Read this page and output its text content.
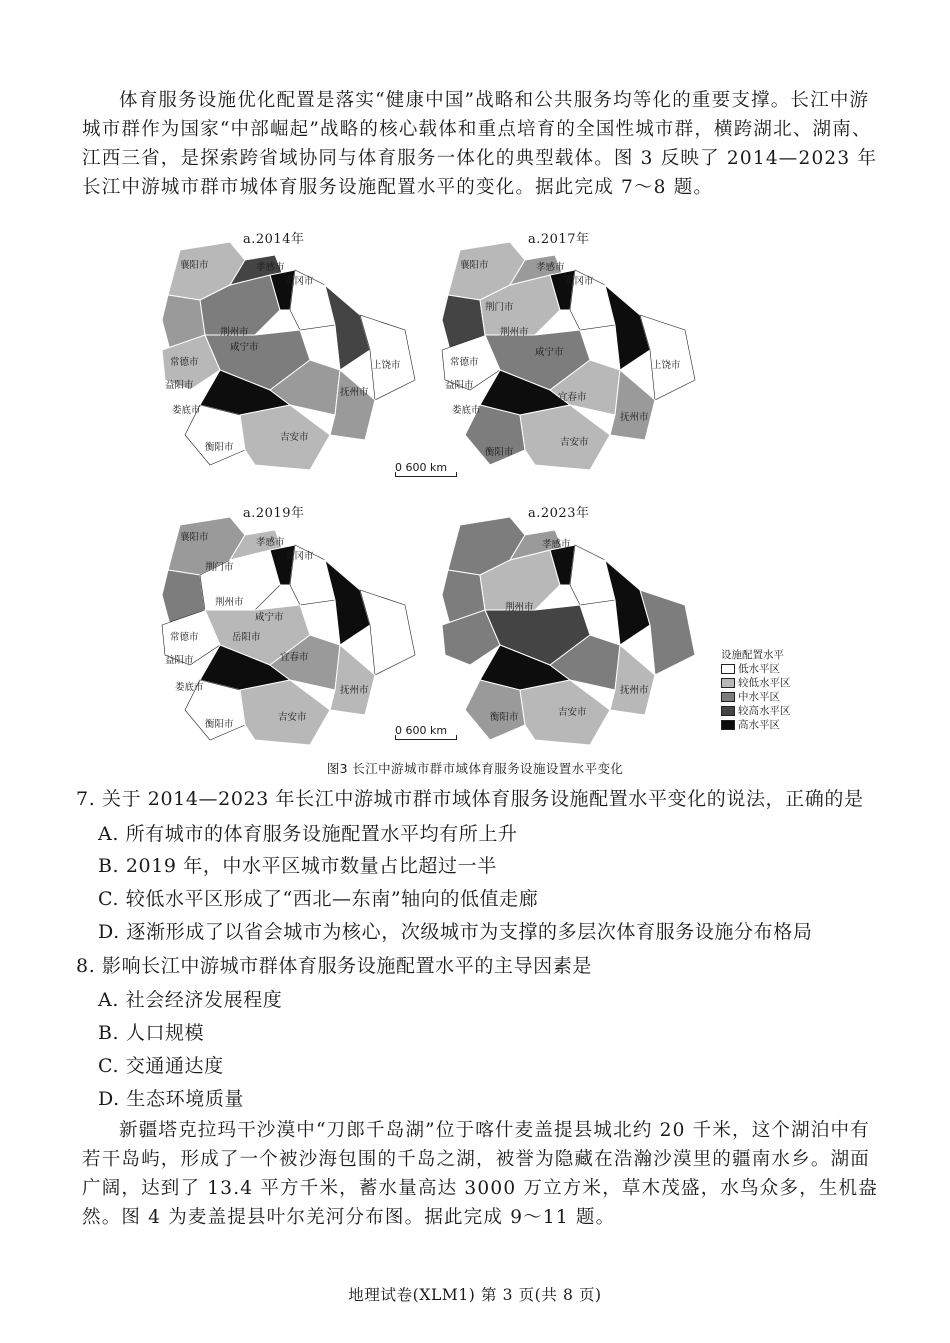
体育服务设施优化配置是落实“健康中国”战略和公共服务均等化的重要支撑。长江中游城市群作为国家“中部崛起”战略的核心载体和重点培育的全国性城市群，横跨湖北、湖南、江西三省，是探索跨省域协同与体育服务一体化的典型载体。图 3 反映了 2014—2023 年长江中游城市群市城体育服务设施配置水平的变化。据此完成 7～8 题。

a.2014年
襄阳市	孝感市
黄冈市
荆州市
咸宁市
常德市
益阳市
上饶市
娄底市
抚州市
吉安市
衡阳市
0 600 km
a.2017年
襄阳市	孝感市
黄冈市
荆门市
荆州市
咸宁市
上饶市
常德市
益阳市
宜春市
娄底市
抚州市
吉安市
衡阳市
a.2019年
襄阳市	孝感市
黄冈市
荆门市
荆州市
咸宁市
常德市
益阳市
岳阳市
宜春市
娄底市	抚州市
吉安市
衡阳市	0 600 km
a.2023年
孝感市
荆州市
抚州市
吉安市
衡阳市
设施配置水平
低水平区
较低水平区
中水平区
较高水平区
高水平区
图3 长江中游城市群市域体育服务设施设置水平变化

7. 关于 2014—2023 年长江中游城市群市域体育服务设施配置水平变化的说法，正确的是

A. 所有城市的体育服务设施配置水平均有所上升

B. 2019 年，中水平区城市数量占比超过一半

C. 较低水平区形成了“西北—东南”轴向的低值走廊

D. 逐渐形成了以省会城市为核心，次级城市为支撑的多层次体育服务设施分布格局

8. 影响长江中游城市群体育服务设施配置水平的主导因素是

A. 社会经济发展程度

B. 人口规模

C. 交通通达度

D. 生态环境质量

新疆塔克拉玛干沙漠中“刀郎千岛湖”位于喀什麦盖提县城北约 20 千米，这个湖泊中有若干岛屿，形成了一个被沙海包围的千岛之湖，被誉为隐藏在浩瀚沙漠里的疆南水乡。湖面广阔，达到了 13.4 平方千米，蓄水量高达 3000 万立方米，草木茂盛，水鸟众多，生机盎然。图 4 为麦盖提县叶尔羌河分布图。据此完成 9～11 题。

地理试卷(XLM1) 第 3 页(共 8 页)
